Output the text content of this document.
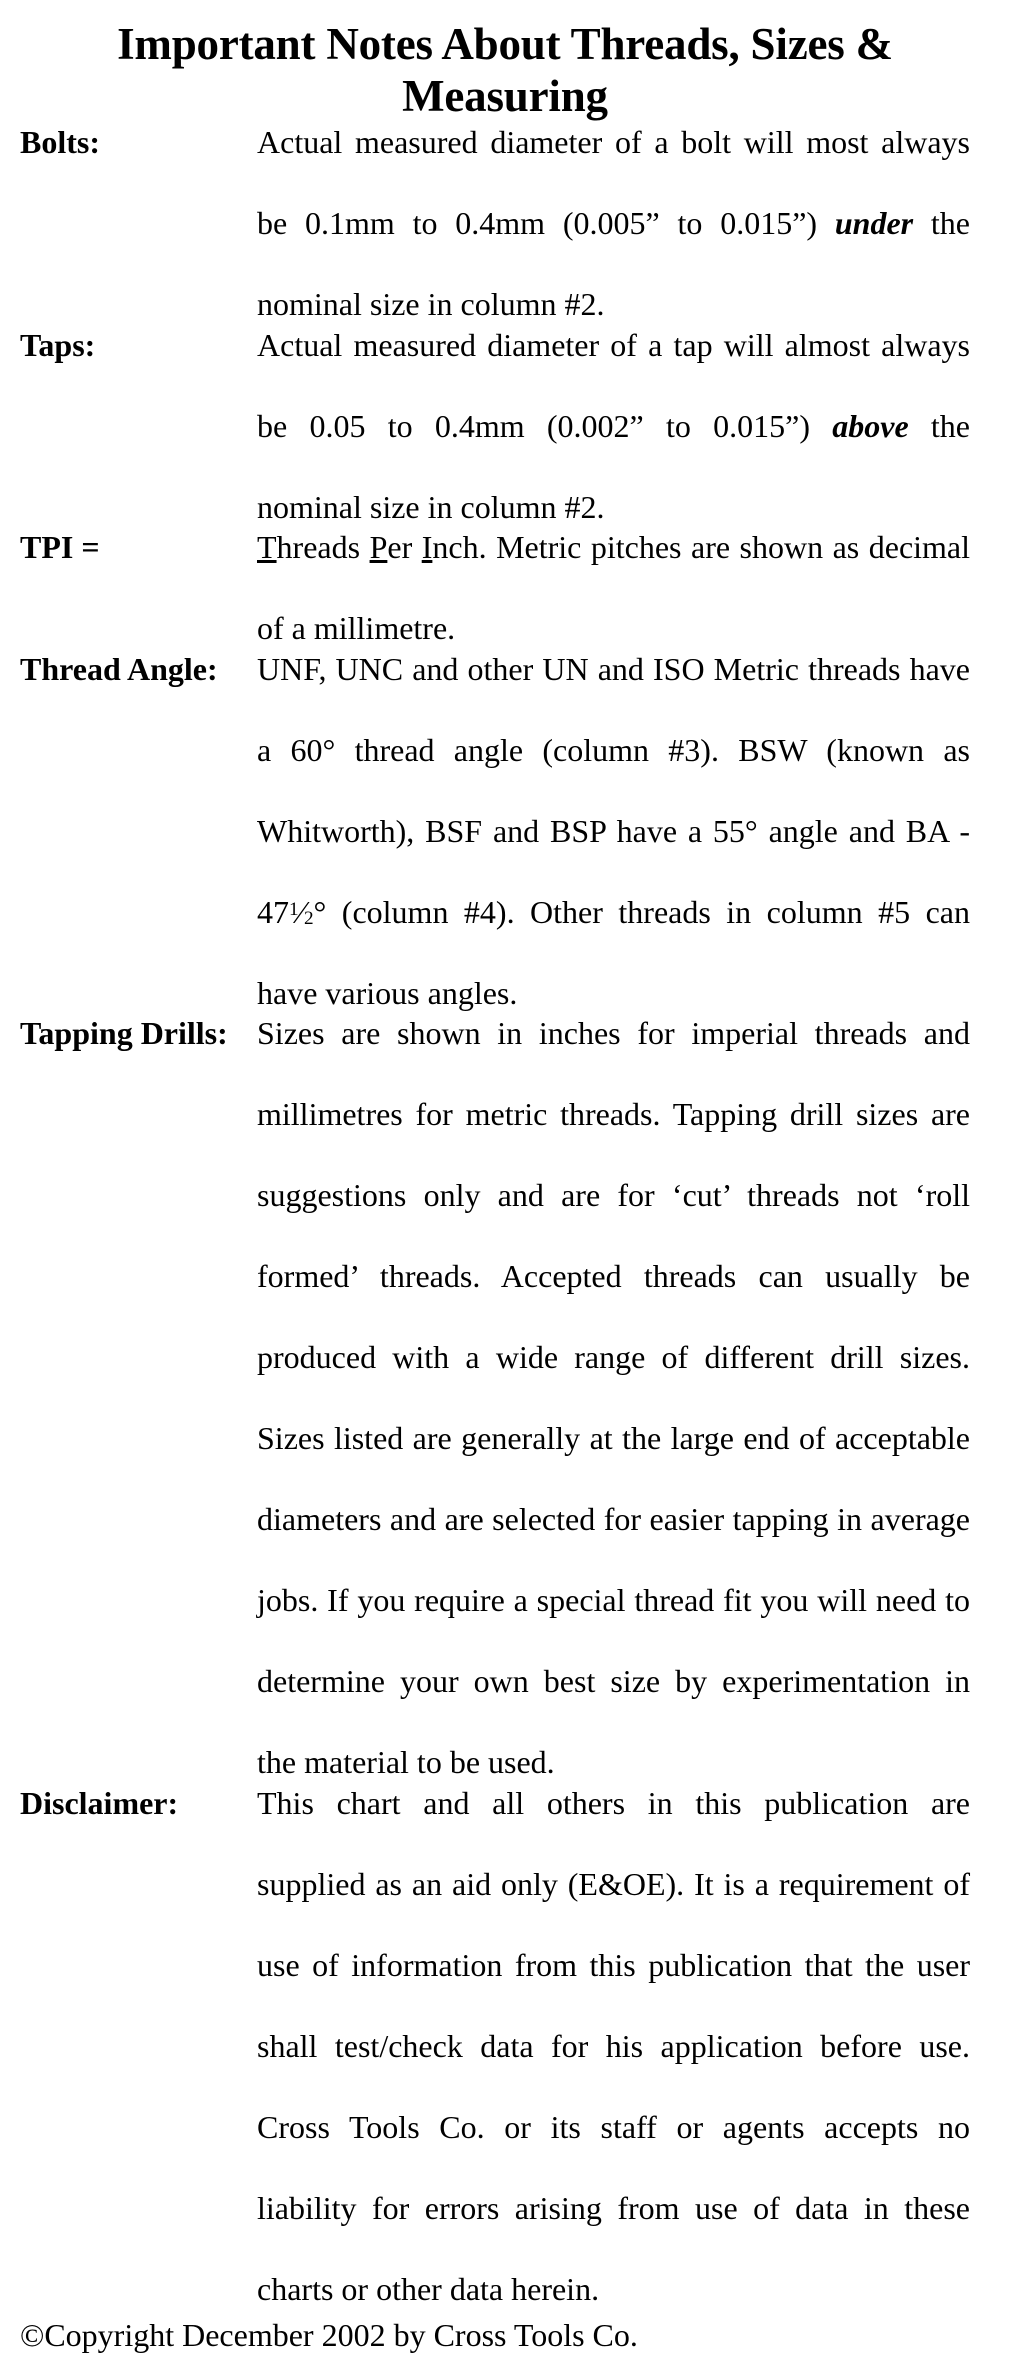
Important Notes About Threads, Sizes & Measuring
Bolts:	Actual measured diameter of a bolt will most always
be 0.1mm to 0.4mm (0.005” to 0.015”) under the
nominal size in column #2.
Taps:	Actual measured diameter of a tap will almost always
be 0.05 to 0.4mm (0.002” to 0.015”) above the
nominal size in column #2.
TPI =	Threads Per Inch. Metric pitches are shown as decimal
of a millimetre.
Thread Angle:	UNF, UNC and other UN and ISO Metric threads have
a 60° thread angle (column #3). BSW (known as
Whitworth), BSF and BSP have a 55° angle and BA -
$47^1⁄_2^\circ$ (column #4). Other threads in column #5 can
have various angles.
Tapping Drills: Sizes are shown in inches for imperial threads and
millimetres for metric threads. Tapping drill sizes are
suggestions only and are for ‘cut’ threads not ‘roll
formed’ threads. Accepted threads can usually be
produced with a wide range of different drill sizes.
Sizes listed are generally at the large end of acceptable
diameters and are selected for easier tapping in average
jobs. If you require a special thread fit you will need to
determine your own best size by experimentation in
the material to be used.
Disclaimer:	This chart and all others in this publication are
supplied as an aid only (E&OE). It is a requirement of
use of information from this publication that the user
shall test/check data for his application before use.
Cross Tools Co. or its staff or agents accepts no
liability for errors arising from use of data in these
charts or other data herein.
©Copyright December 2002 by Cross Tools Co.
